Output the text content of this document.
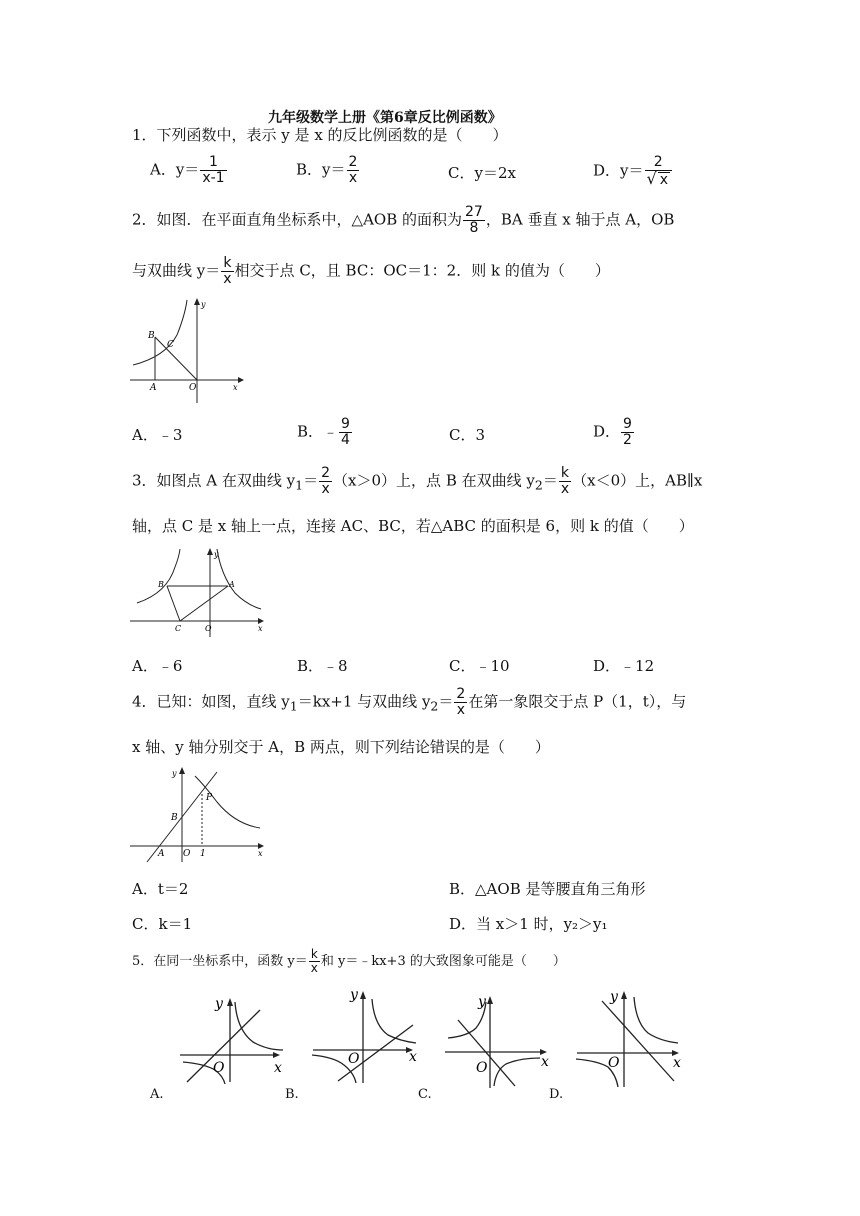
九年级数学上册《第6章反比例函数》
1．下列函数中，表示 y 是 x 的反比例函数的是（　　）
A．$y= \frac{1}{x-1}$	B．$y= \frac{2}{x}$	C．y＝2x	D．$y= \frac{2}{√ x}$
2．如图．在平面直角坐标系中，△AOB 的面积为 $\frac{27}{8}$ ，BA 垂直 x 轴于点 A，OB
与双曲线 $y= \frac{k}{x}$ 相交于点 C，且 BC：OC＝1：2．则 k 的值为（　　）
B
C
A	O
y
x
A．﹣3	B．﹣ $\frac{9}{4}$	C．3	D． $\frac{9}{2}$
3．如图点 A 在双曲线 $y_1= \frac{2}{x} (x>0)$上，点 B 在双曲线 $y_2= \frac{k}{x} (x<0)$上，AB∥x
轴，点 C 是 x 轴上一点，连接 AC、BC，若△ABC 的面积是 6，则 k 的值（　　）
B	A
C	O
y
x
A．﹣6	B．﹣8	C．﹣10	D．﹣12
4．已知：如图，直线 $y_1=kx+1$ 与双曲线 $y_2= \frac{2}{x}$ 在第一象限交于点 P（1，t），与
x 轴、y 轴分别交于 A，B 两点，则下列结论错误的是（　　）
P
B
A O 1
y
x
A．t＝2	B．△AOB 是等腰直角三角形
C．k＝1	D．当 x＞1 时，y₂＞y₁
5．在同一坐标系中，函数 $y= \frac{k}{x}$ 和 y＝﹣kx+3 的大致图象可能是（　　）
y
x
O
A.
y
x
O
B.
y
x
O
C.
y
x
O
D.
